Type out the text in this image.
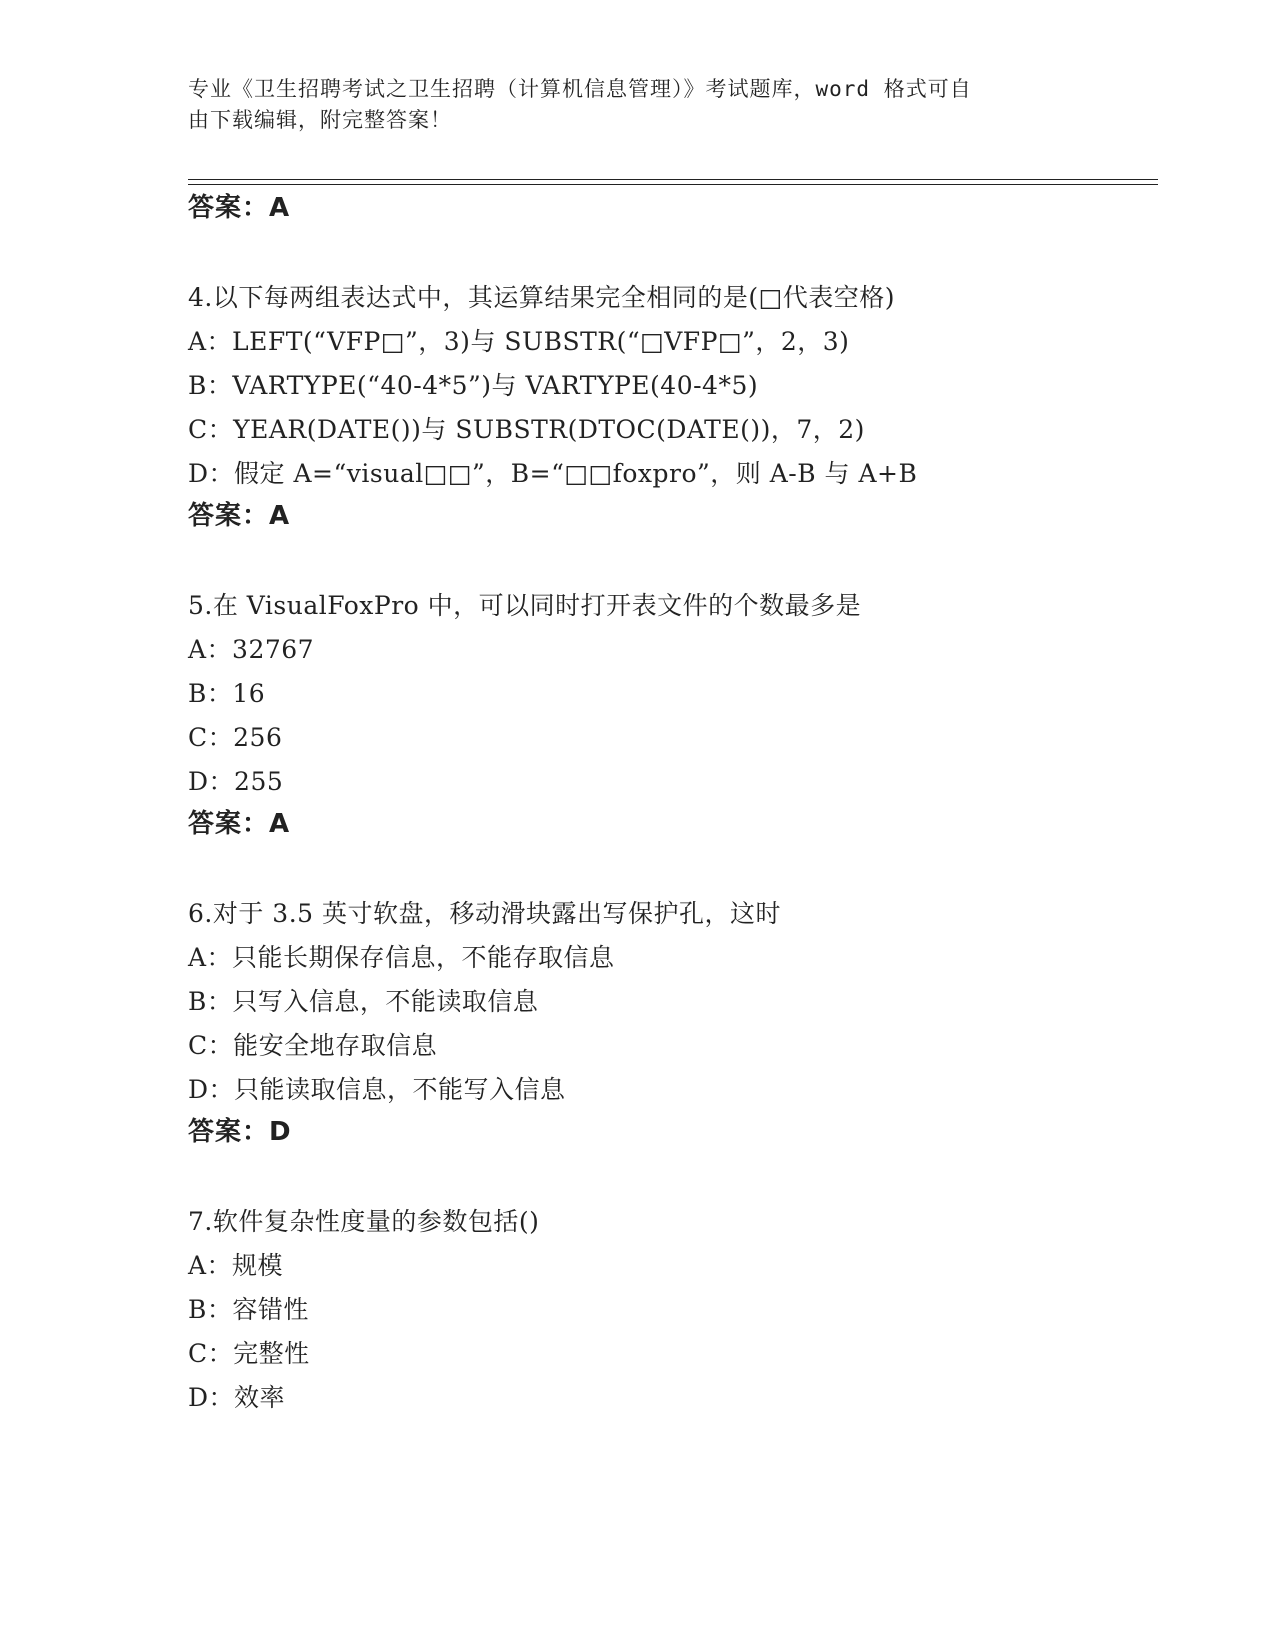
专业《卫生招聘考试之卫生招聘（计算机信息管理）》考试题库，word 格式可自
由下载编辑，附完整答案！
答案：A
4.以下每两组表达式中，其运算结果完全相同的是(□代表空格)
A：LEFT(“VFP□”，3)与 SUBSTR(“□VFP□”，2，3)
B：VARTYPE(“40-4*5”)与 VARTYPE(40-4*5)
C：YEAR(DATE())与 SUBSTR(DTOC(DATE())，7，2)
D：假定 A=“visual□□”，B=“□□foxpro”，则 A-B 与 A+B
答案：A
5.在 VisualFoxPro 中，可以同时打开表文件的个数最多是
A：32767
B：16
C：256
D：255
答案：A
6.对于 3.5 英寸软盘，移动滑块露出写保护孔，这时
A：只能长期保存信息，不能存取信息
B：只写入信息，不能读取信息
C：能安全地存取信息
D：只能读取信息，不能写入信息
答案：D
7.软件复杂性度量的参数包括()
A：规模
B：容错性
C：完整性
D：效率
